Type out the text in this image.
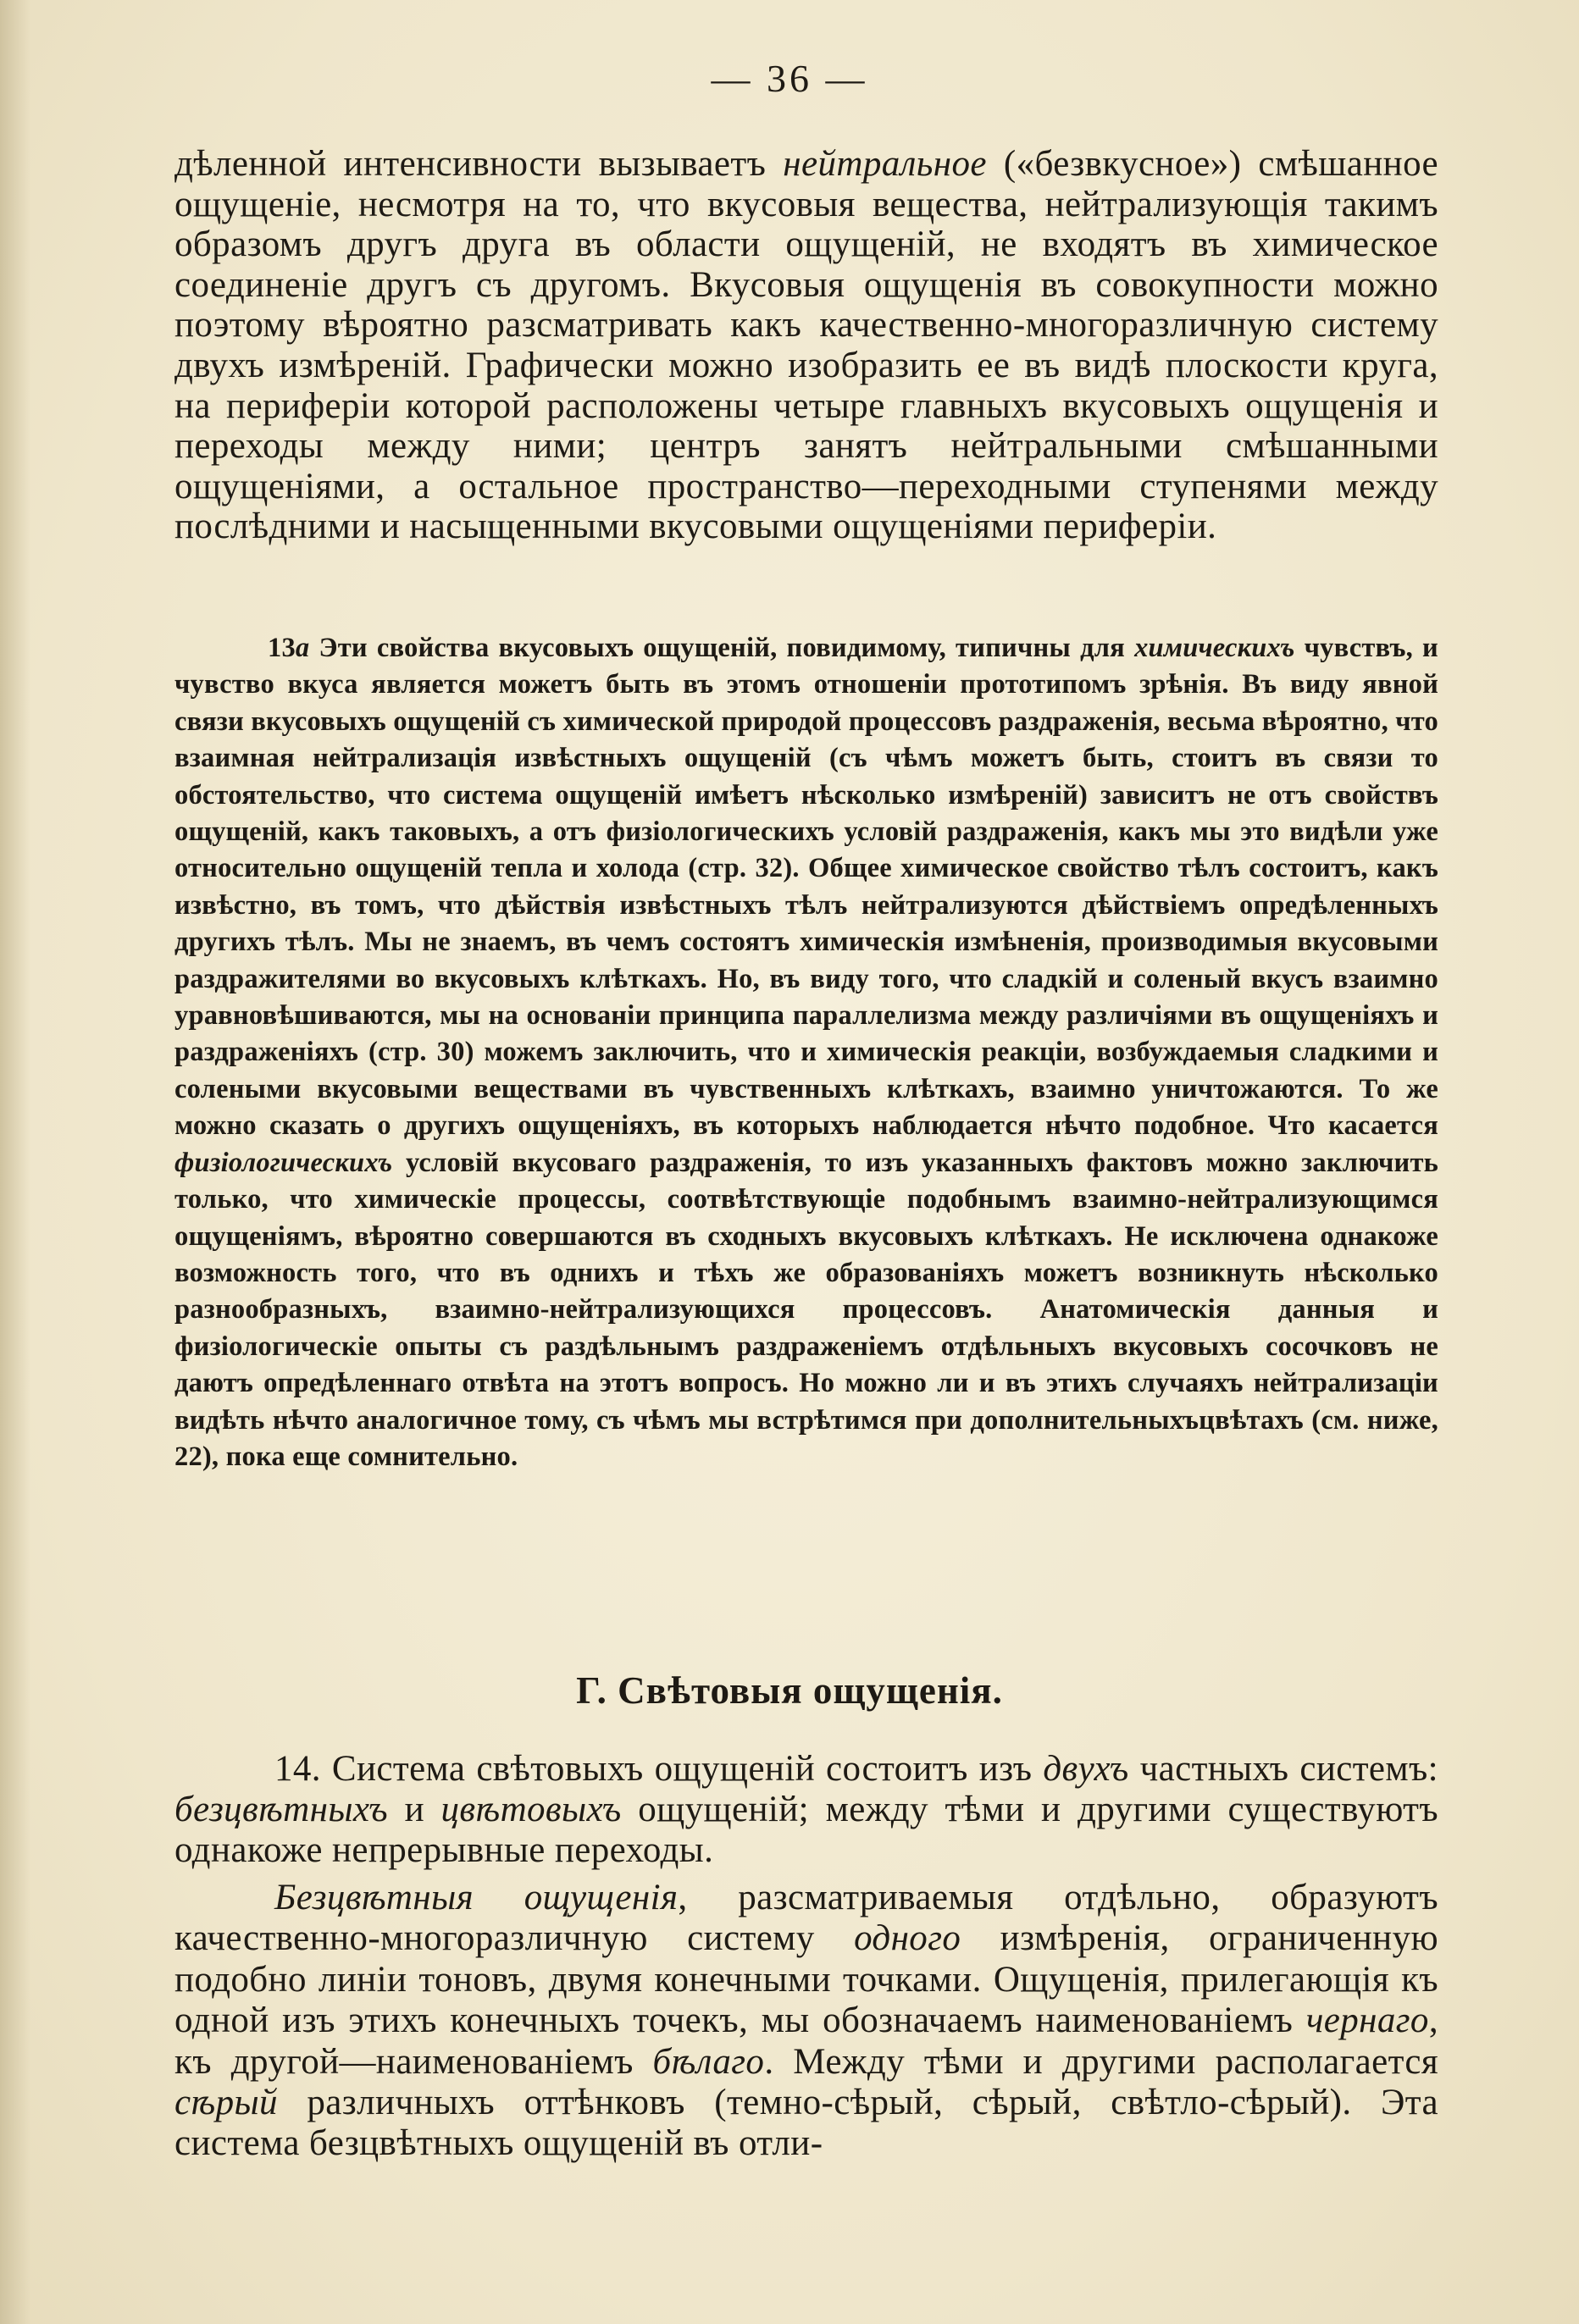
— 36 —

дѣленной интенсивности вызываетъ нейтральное («безвкусное») смѣшанное ощущеніе, несмотря на то, что вкусовыя вещества, нейтрализующія такимъ образомъ другъ друга въ области ощущеній, не входятъ въ химическое соединеніе другъ съ другомъ. Вкусовыя ощущенія въ совокупности можно поэтому вѣроятно разсматривать какъ качественно-многоразличную систему двухъ измѣреній. Графически можно изобразить ее въ видѣ плоскости круга, на периферіи которой расположены четыре главныхъ вкусовыхъ ощущенія и переходы между ними; центръ занятъ нейтральными смѣшанными ощущеніями, а остальное пространство—переходными ступенями между послѣдними и насыщенными вкусовыми ощущеніями периферіи.

13a Эти свойства вкусовыхъ ощущеній, повидимому, типичны для химическихъ чувствъ, и чувство вкуса является можетъ быть въ этомъ отношеніи прототипомъ зрѣнія. Въ виду явной связи вкусовыхъ ощущеній съ химической природой процессовъ раздраженія, весьма вѣроятно, что взаимная нейтрализація извѣстныхъ ощущеній (съ чѣмъ можетъ быть, стоитъ въ связи то обстоятельство, что система ощущеній имѣетъ нѣсколько измѣреній) зависитъ не отъ свойствъ ощущеній, какъ таковыхъ, а отъ физіологическихъ условій раздраженія, какъ мы это видѣли уже относительно ощущеній тепла и холода (стр. 32). Общее химическое свойство тѣлъ состоитъ, какъ извѣстно, въ томъ, что дѣйствія извѣстныхъ тѣлъ нейтрализуются дѣйствіемъ опредѣленныхъ другихъ тѣлъ. Мы не знаемъ, въ чемъ состоятъ химическія измѣненія, производимыя вкусовыми раздражителями во вкусовыхъ клѣткахъ. Но, въ виду того, что сладкій и соленый вкусъ взаимно уравновѣшиваются, мы на основаніи принципа параллелизма между различіями въ ощущеніяхъ и раздраженіяхъ (стр. 30) можемъ заключить, что и химическія реакціи, возбуждаемыя сладкими и солеными вкусовыми веществами въ чувственныхъ клѣткахъ, взаимно уничтожаются. То же можно сказать о другихъ ощущеніяхъ, въ которыхъ наблюдается нѣчто подобное. Что касается физіологическихъ условій вкусоваго раздраженія, то изъ указанныхъ фактовъ можно заключить только, что химическіе процессы, соотвѣтствующіе подобнымъ взаимно-нейтрализующимся ощущеніямъ, вѣроятно совершаются въ сходныхъ вкусовыхъ клѣткахъ. Не исключена однакоже возможность того, что въ однихъ и тѣхъ же образованіяхъ можетъ возникнуть нѣсколько разнообразныхъ, взаимно-нейтрализующихся процессовъ. Анатомическія данныя и физіологическіе опыты съ раздѣльнымъ раздраженіемъ отдѣльныхъ вкусовыхъ сосочковъ не даютъ опредѣленнаго отвѣта на этотъ вопросъ. Но можно ли и въ этихъ случаяхъ нейтрализаціи видѣть нѣчто аналогичное тому, съ чѣмъ мы встрѣтимся при дополнительныхъцвѣтахъ (см. ниже, 22), пока еще сомнительно.

Г. Свѣтовыя ощущенія.

14. Система свѣтовыхъ ощущеній состоитъ изъ двухъ частныхъ системъ: безцвѣтныхъ и цвѣтовыхъ ощущеній; между тѣми и другими существуютъ однакоже непрерывные переходы.

Безцвѣтныя ощущенія, разсматриваемыя отдѣльно, образуютъ качественно-многоразличную систему одного измѣренія, ограниченную подобно линіи тоновъ, двумя конечными точками. Ощущенія, прилегающія къ одной изъ этихъ конечныхъ точекъ, мы обозначаемъ наименованіемъ чернаго, къ другой—наименованіемъ бѣлаго. Между тѣми и другими располагается сѣрый различныхъ оттѣнковъ (темно-сѣрый, сѣрый, свѣтло-сѣрый). Эта система безцвѣтныхъ ощущеній въ отли-
